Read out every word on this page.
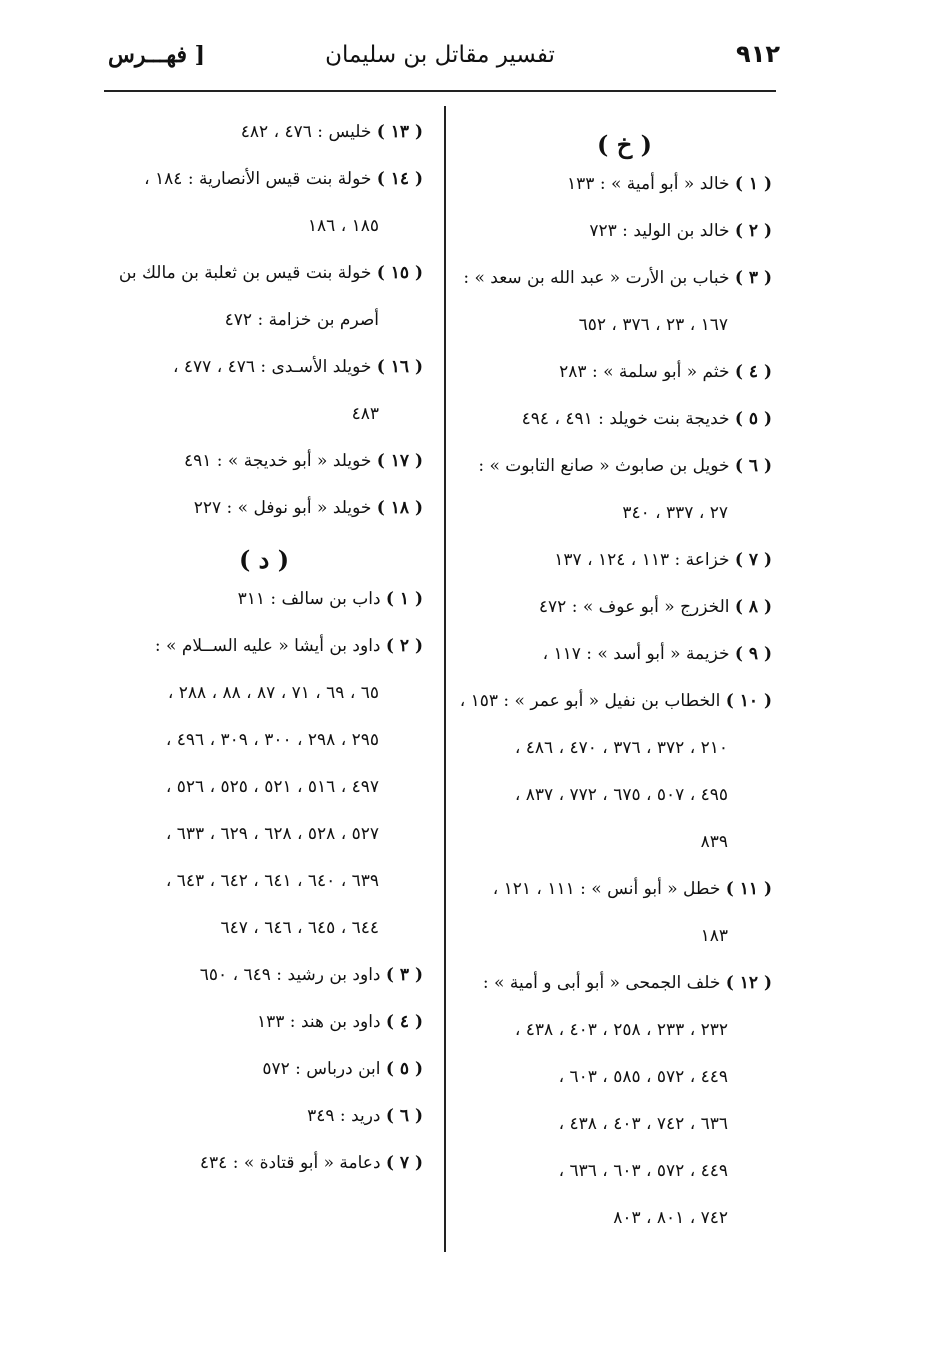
٩١٢
تفسير مقاتل بن سليمان
[ فهـــرس
( خ )
( ١ ) خالد « أبو أمية » : ١٣٣
( ٢ ) خالد بن الوليد : ٧٢٣
( ٣ ) خباب بن الأرت « عبد الله بن سعد » :
١٦٧ ، ٢٣ ، ٣٧٦ ، ٦٥٢
( ٤ ) خثم « أبو سلمة » : ٢٨٣
( ٥ ) خديجة بنت خويلد : ٤٩١ ، ٤٩٤
( ٦ ) خويل بن صابوث « صانع التابوت » :
٢٧ ، ٣٣٧ ، ٣٤٠
( ٧ ) خزاعة : ١١٣ ، ١٢٤ ، ١٣٧
( ٨ ) الخزرج « أبو عوف » : ٤٧٢
( ٩ ) خزيمة « أبو أسد » : ١١٧ ،
( ١٠ ) الخطاب بن نفيل « أبو عمر » : ١٥٣ ،
٢١٠ ، ٣٧٢ ، ٣٧٦ ، ٤٧٠ ، ٤٨٦ ،
٤٩٥ ، ٥٠٧ ، ٦٧٥ ، ٧٧٢ ، ٨٣٧ ،
٨٣٩
( ١١ ) خطل « أبو أنس » : ١١١ ، ١٢١ ،
١٨٣
( ١٢ ) خلف الجمحى « أبو أبى و أمية » :
٢٣٢ ، ٢٣٣ ، ٢٥٨ ، ٤٠٣ ، ٤٣٨ ،
٤٤٩ ، ٥٧٢ ، ٥٨٥ ، ٦٠٣ ،
٦٣٦ ، ٧٤٢ ، ٤٠٣ ، ٤٣٨ ،
٤٤٩ ، ٥٧٢ ، ٦٠٣ ، ٦٣٦ ،
٧٤٢ ، ٨٠١ ، ٨٠٣
( ١٣ ) خليس : ٤٧٦ ، ٤٨٢
( ١٤ ) خولة بنت قيس الأنصارية : ١٨٤ ،
١٨٥ ، ١٨٦
( ١٥ ) خولة بنت قيس بن ثعلبة بن مالك بن
أصرم بن خزامة : ٤٧٢
( ١٦ ) خويلد الأسـدى : ٤٧٦ ، ٤٧٧ ،
٤٨٣
( ١٧ ) خويلد « أبو خديجة » : ٤٩١
( ١٨ ) خويلد « أبو نوفل » : ٢٢٧
( د )
( ١ ) داب بن سالف : ٣١١
( ٢ ) داود بن أيشا « عليه الســلام » :
٦٥ ، ٦٩ ، ٧١ ، ٨٧ ، ٨٨ ، ٢٨٨ ،
٢٩٥ ، ٢٩٨ ، ٣٠٠ ، ٣٠٩ ، ٤٩٦ ،
٤٩٧ ، ٥١٦ ، ٥٢١ ، ٥٢٥ ، ٥٢٦ ،
٥٢٧ ، ٥٢٨ ، ٦٢٨ ، ٦٢٩ ، ٦٣٣ ،
٦٣٩ ، ٦٤٠ ، ٦٤١ ، ٦٤٢ ، ٦٤٣ ،
٦٤٤ ، ٦٤٥ ، ٦٤٦ ، ٦٤٧
( ٣ ) داود بن رشيد : ٦٤٩ ، ٦٥٠
( ٤ ) داود بن هند : ١٣٣
( ٥ ) ابن درباس : ٥٧٢
( ٦ ) دريد : ٣٤٩
( ٧ ) دعامة « أبو قتادة » : ٤٣٤
